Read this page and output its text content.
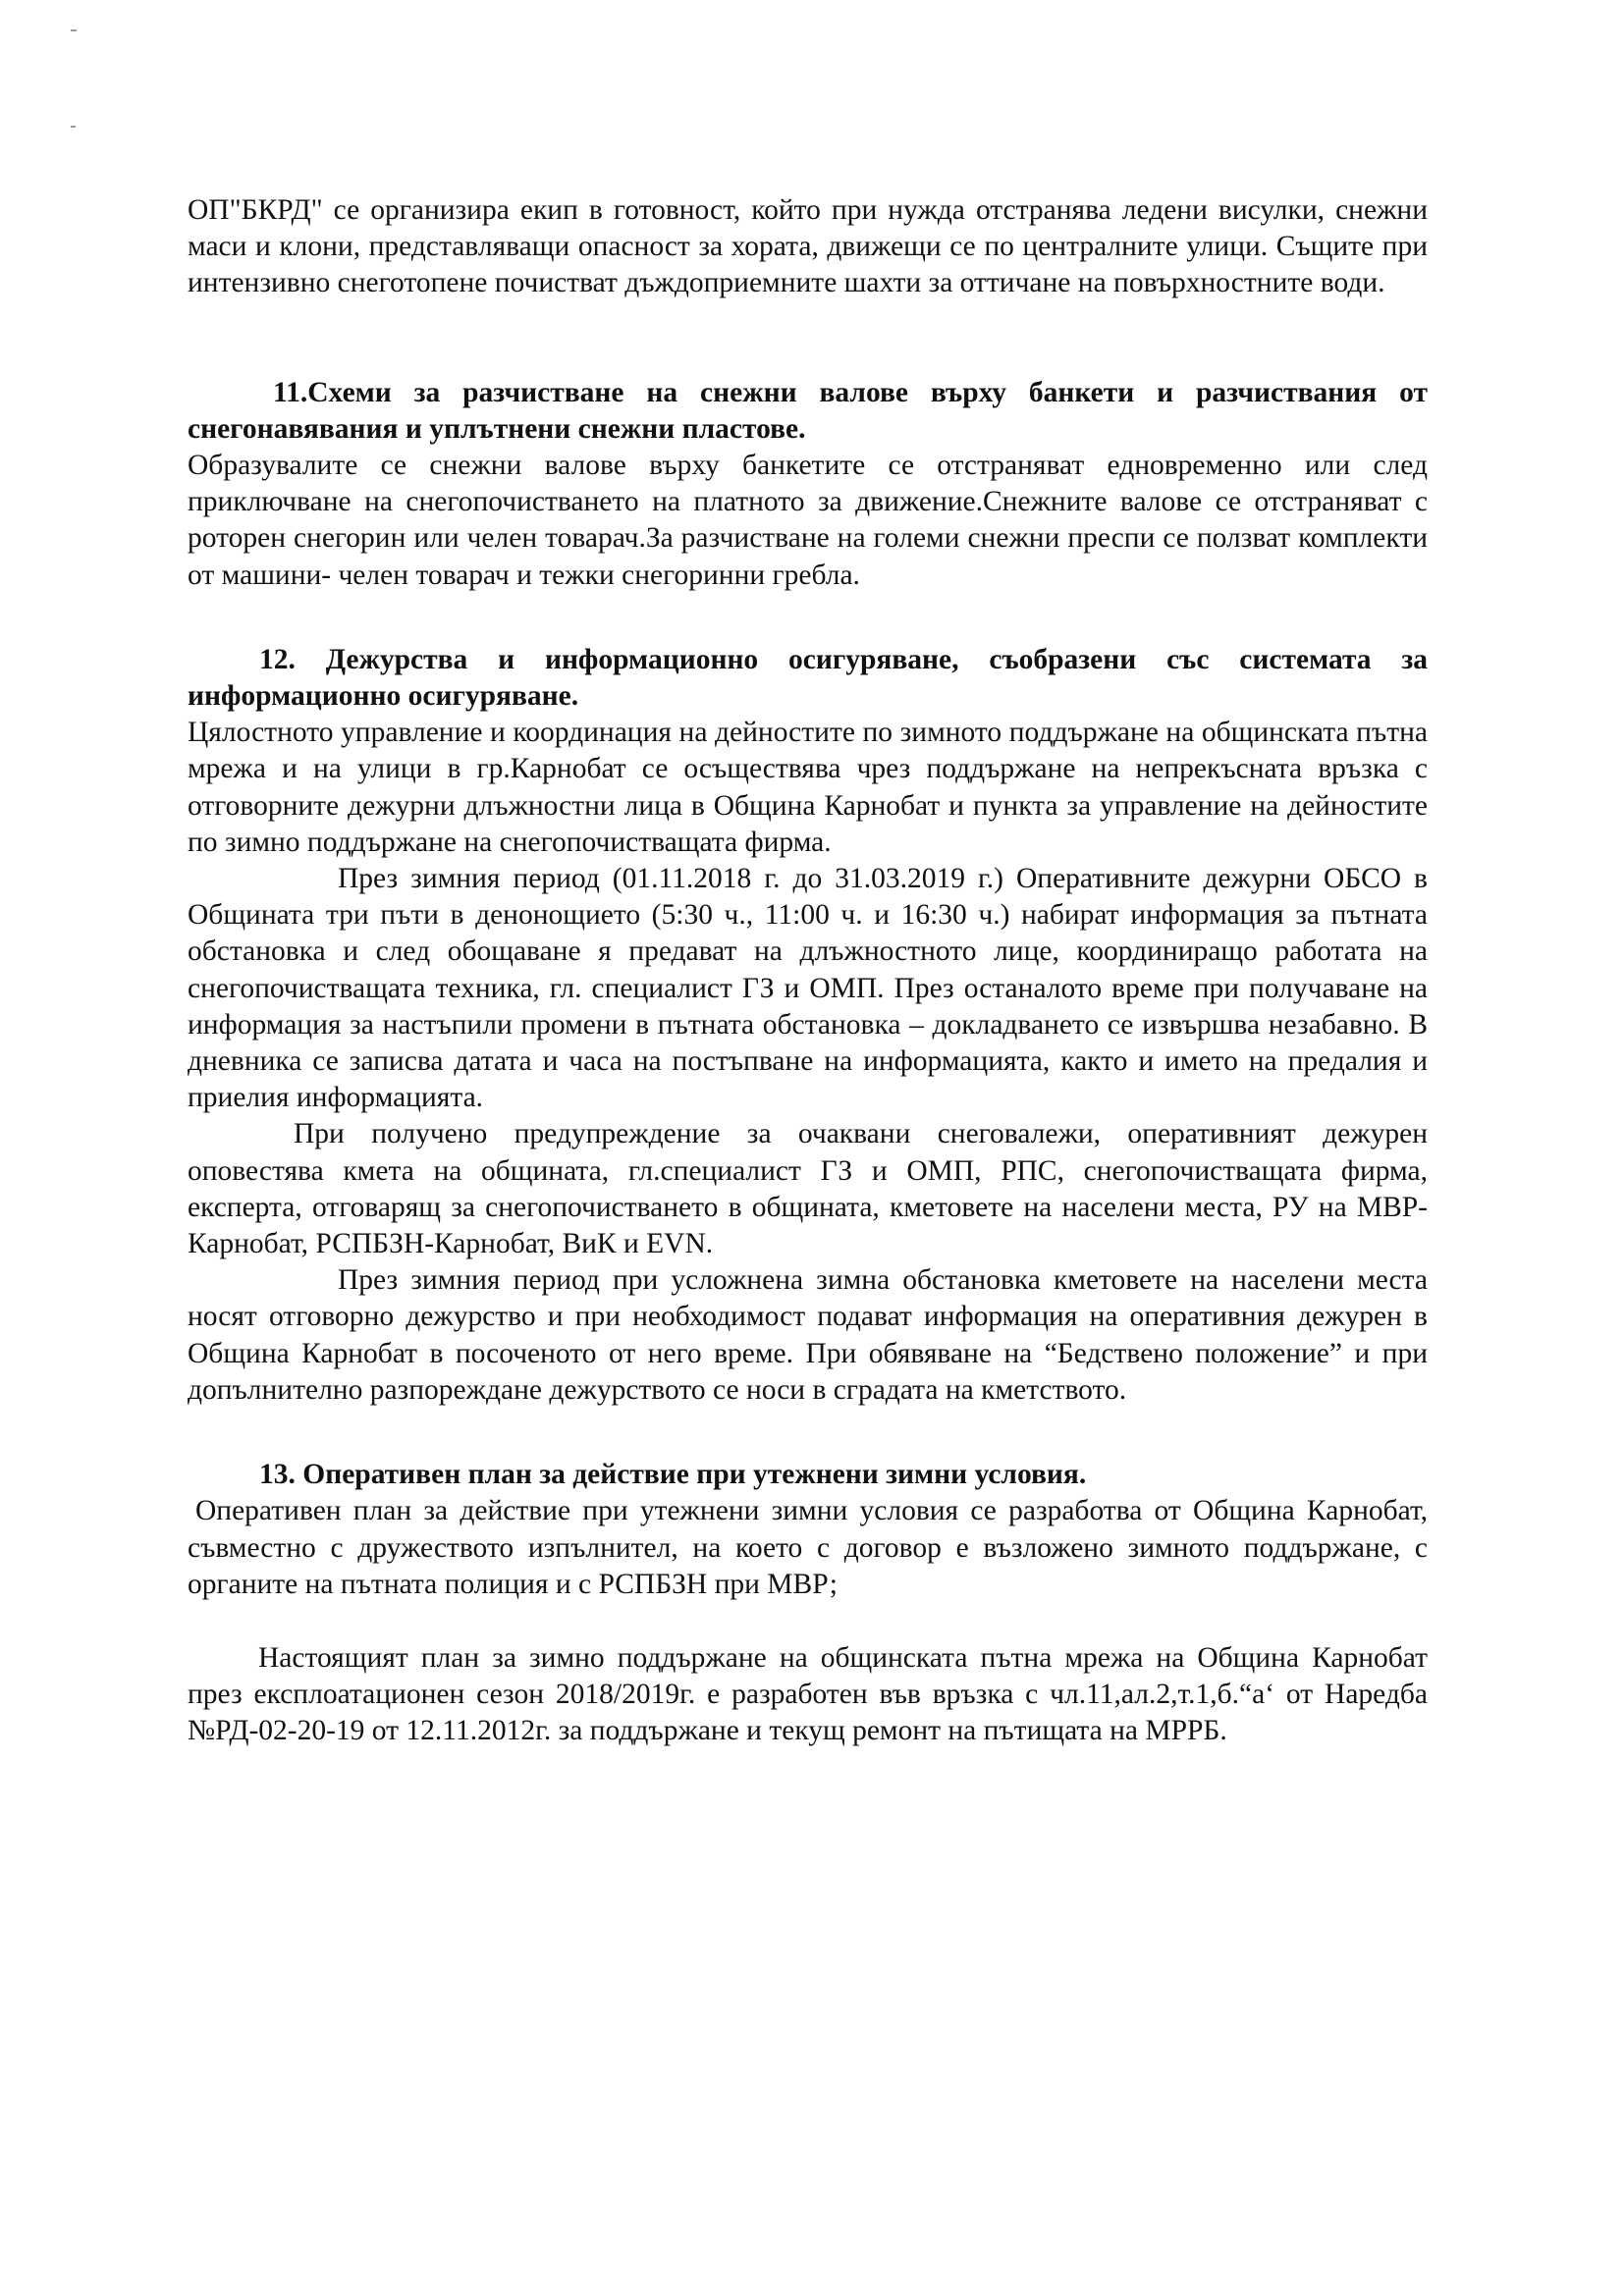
ОП"БКРД" се организира екип в готовност, който при нужда отстранява ледени висулки, снежни маси и клони, представляващи опасност за хората, движещи се по централните улици. Същите при интензивно снеготопене почистват дъждоприемните шахти за оттичане на повърхностните води.

11.Схеми за разчистване на снежни валове върху банкети и разчиствания от снегонавявания и уплътнени снежни пластове.

Образувалите се снежни валове върху банкетите се отстраняват едновременно или след приключване на снегопочистването на платното за движение.Снежните валове се отстраняват с роторен снегорин или челен товарач.За разчистване на големи снежни преспи се ползват комплекти от машини- челен товарач и тежки снегоринни гребла.

12. Дежурства и информационно осигуряване, съобразени със системата за информационно осигуряване.

Цялостното управление и координация на дейностите по зимното поддържане на общинската пътна мрежа и на улици в гр.Карнобат се осъществява чрез поддържане на непрекъсната връзка с отговорните дежурни длъжностни лица в Община Карнобат и пункта за управление на дейностите по зимно поддържане на снегопочистващата фирма.

През зимния период (01.11.2018 г. до 31.03.2019 г.) Оперативните дежурни ОБСО в Общината три пъти в денонощието (5:30 ч., 11:00 ч. и 16:30 ч.) набират информация за пътната обстановка и след обощаване я предават на длъжностното лице, координиращо работата на снегопочистващата техника, гл. специалист ГЗ и ОМП. През останалото време при получаване на информация за настъпили промени в пътната обстановка – докладването се извършва незабавно. В дневника се записва датата и часа на постъпване на информацията, както и името на предалия и приелия информацията.

При получено предупреждение за очаквани снеговалежи, оперативният дежурен оповестява кмета на общината, гл.специалист ГЗ и ОМП, РПС, снегопочистващата фирма, експерта, отговарящ за снегопочистването в общината, кметовете на населени места, РУ на МВР-Карнобат, РСПБЗН-Карнобат, ВиК и EVN.

През зимния период при усложнена зимна обстановка кметовете на населени места носят отговорно дежурство и при необходимост подават информация на оперативния дежурен в Община Карнобат в посоченото от него време. При обявяване на “Бедствено положение” и при допълнително разпореждане дежурството се носи в сградата на кметството.

13. Оперативен план за действие при утежнени зимни условия.

Оперативен план за действие при утежнени зимни условия се разработва от Община Карнобат, съвместно с дружеството изпълнител, на което с договор е възложено зимното поддържане, с органите на пътната полиция и с РСПБЗН при МВР;

Настоящият план за зимно поддържане на общинската пътна мрежа на Община Карнобат през експлоатационен сезон 2018/2019г. е разработен във връзка с чл.11,ал.2,т.1,б.“а‘ от Наредба №РД-02-20-19 от 12.11.2012г. за поддържане и текущ ремонт на пътищата на МРРБ.
